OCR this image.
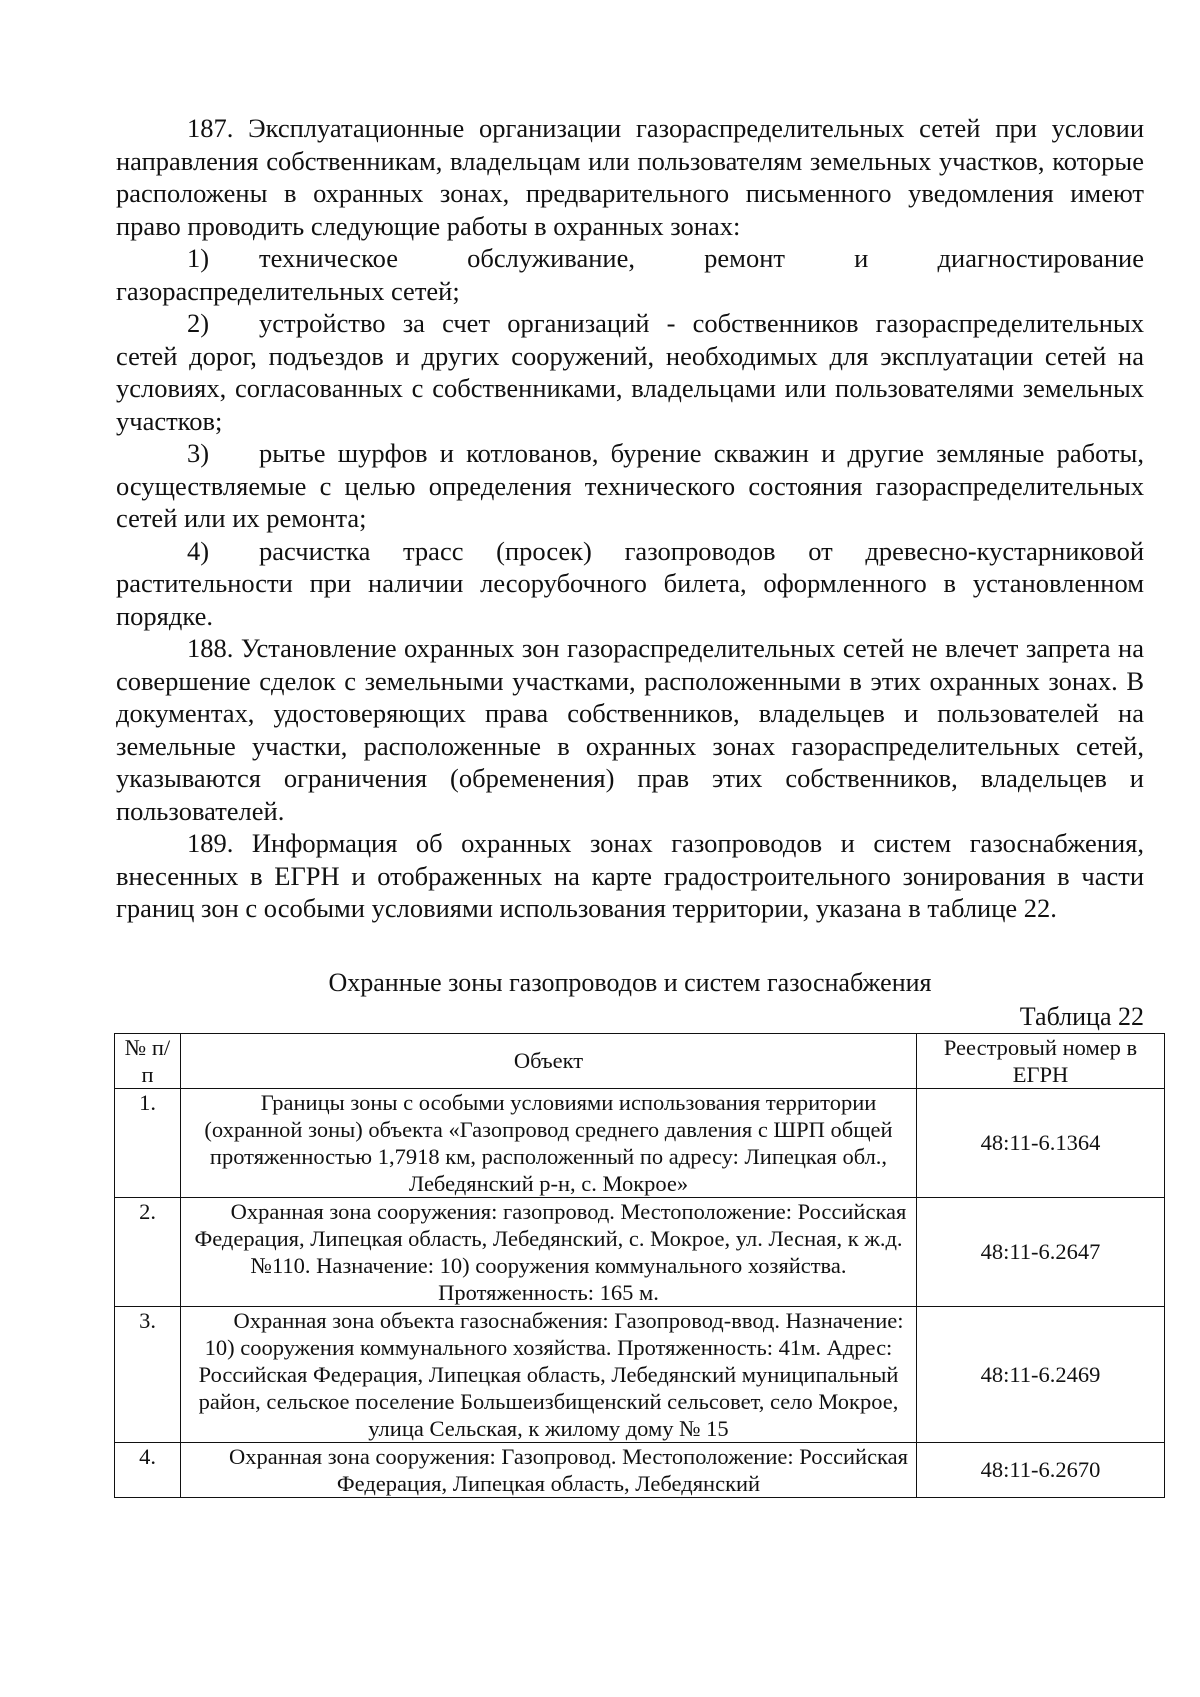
187. Эксплуатационные организации газораспределительных сетей при условии направления собственникам, владельцам или пользователям земельных участков, которые расположены в охранных зонах, предварительного письменного уведомления имеют право проводить следующие работы в охранных зонах:

1) техническое обслуживание, ремонт и диагностирование газораспределительных сетей;

2) устройство за счет организаций - собственников газораспределительных сетей дорог, подъездов и других сооружений, необходимых для эксплуатации сетей на условиях, согласованных с собственниками, владельцами или пользователями земельных участков;

3) рытье шурфов и котлованов, бурение скважин и другие земляные работы, осуществляемые с целью определения технического состояния газораспределительных сетей или их ремонта;

4) расчистка трасс (просек) газопроводов от древесно-кустарниковой растительности при наличии лесорубочного билета, оформленного в установленном порядке.

188. Установление охранных зон газораспределительных сетей не влечет запрета на совершение сделок с земельными участками, расположенными в этих охранных зонах. В документах, удостоверяющих права собственников, владельцев и пользователей на земельные участки, расположенные в охранных зонах газораспределительных сетей, указываются ограничения (обременения) прав этих собственников, владельцев и пользователей.

189. Информация об охранных зонах газопроводов и систем газоснабжения, внесенных в ЕГРН и отображенных на карте градостроительного зонирования в части границ зон с особыми условиями использования территории, указана в таблице 22.

Охранные зоны газопроводов и систем газоснабжения
Таблица 22
№ п/п	Объект	Реестровый номер в ЕГРН
1.	Границы зоны с особыми условиями использования территории (охранной зоны) объекта «Газопровод среднего давления с ШРП общей протяженностью 1,7918 км, расположенный по адресу: Липецкая обл., Лебедянский р-н, с. Мокрое»	48:11-6.1364
2.	Охранная зона сооружения: газопровод. Местоположение: Российская Федерация, Липецкая область, Лебедянский, с. Мокрое, ул. Лесная, к ж.д. №110. Назначение: 10) сооружения коммунального хозяйства. Протяженность: 165 м.	48:11-6.2647
3.	Охранная зона объекта газоснабжения: Газопровод-ввод. Назначение: 10) сооружения коммунального хозяйства. Протяженность: 41м. Адрес: Российская Федерация, Липецкая область, Лебедянский муниципальный район, сельское поселение Большеизбищенский сельсовет, село Мокрое, улица Сельская, к жилому дому № 15	48:11-6.2469
4.	Охранная зона сооружения: Газопровод. Местоположение: Российская Федерация, Липецкая область, Лебедянский	48:11-6.2670
